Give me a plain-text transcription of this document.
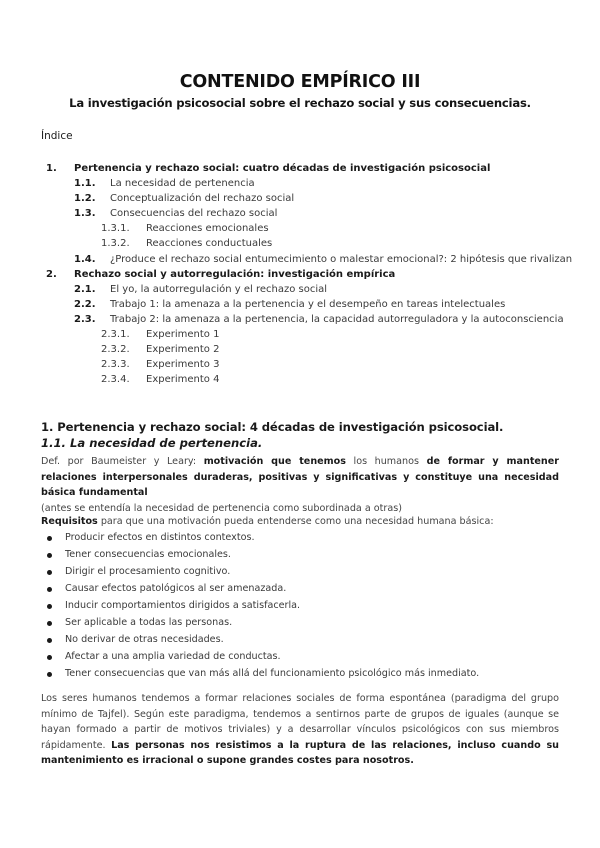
CONTENIDO EMPÍRICO III
La investigación psicosocial sobre el rechazo social y sus consecuencias.
Índice
1. Pertenencia y rechazo social: cuatro décadas de investigación psicosocial
1.1. La necesidad de pertenencia
1.2. Conceptualización del rechazo social
1.3. Consecuencias del rechazo social
1.3.1. Reacciones emocionales
1.3.2. Reacciones conductuales
1.4. ¿Produce el rechazo social entumecimiento o malestar emocional?: 2 hipótesis que rivalizan
2. Rechazo social y autorregulación: investigación empírica
2.1. El yo, la autorregulación y el rechazo social
2.2. Trabajo 1: la amenaza a la pertenencia y el desempeño en tareas intelectuales
2.3. Trabajo 2: la amenaza a la pertenencia, la capacidad autorreguladora y la autoconsciencia
2.3.1. Experimento 1
2.3.2. Experimento 2
2.3.3. Experimento 3
2.3.4. Experimento 4
1. Pertenencia y rechazo social: 4 décadas de investigación psicosocial.
1.1. La necesidad de pertenencia.
Def. por Baumeister y Leary: motivación que tenemos los humanos de formar y mantener relaciones interpersonales duraderas, positivas y significativas y constituye una necesidad básica fundamental
(antes se entendía la necesidad de pertenencia como subordinada a otras)
Requisitos para que una motivación pueda entenderse como una necesidad humana básica:
Producir efectos en distintos contextos.
Tener consecuencias emocionales.
Dirigir el procesamiento cognitivo.
Causar efectos patológicos al ser amenazada.
Inducir comportamientos dirigidos a satisfacerla.
Ser aplicable a todas las personas.
No derivar de otras necesidades.
Afectar a una amplia variedad de conductas.
Tener consecuencias que van más allá del funcionamiento psicológico más inmediato.
Los seres humanos tendemos a formar relaciones sociales de forma espontánea (paradigma del grupo mínimo de Tajfel). Según este paradigma, tendemos a sentirnos parte de grupos de iguales (aunque se hayan formado a partir de motivos triviales) y a desarrollar vínculos psicológicos con sus miembros rápidamente. Las personas nos resistimos a la ruptura de las relaciones, incluso cuando su mantenimiento es irracional o supone grandes costes para nosotros.
